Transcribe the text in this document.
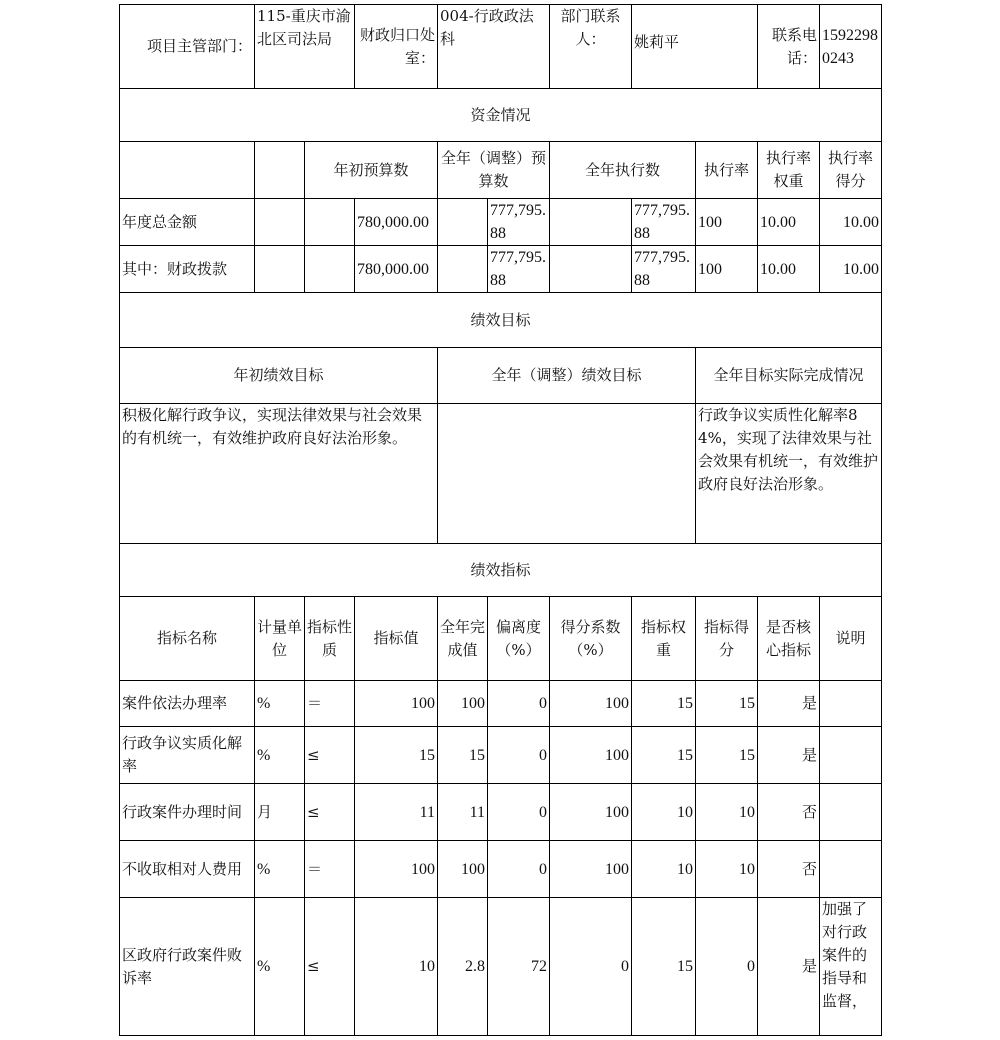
项目主管部门：	115-重庆市渝北区司法局		财政归口处室：	004-行政政法科		部门联系人：	姚莉平		联系电话：	15922980243
资金情况										
		年初预算数		全年（调整）预算数		全年执行数		执行率	执行率权重	执行率得分
年度总金额			780,000.00		777,795.88		777,795.88	100	10.00	10.00
其中：财政拨款			780,000.00		777,795.88		777,795.88	100	10.00	10.00
绩效目标										
年初绩效目标				全年（调整）绩效目标				全年目标实际完成情况		
积极化解行政争议，实现法律效果与社会效果的有机统一，有效维护政府良好法治形象。								行政争议实质性化解率84%，实现了法律效果与社会效果有机统一，有效维护政府良好法治形象。		
绩效指标										
指标名称	计量单位	指标性质	指标值	全年完成值	偏离度（%）	得分系数（%）	指标权重	指标得分	是否核心指标	说明
案件依法办理率	%	＝	100	100	0	100	15	15	是	
行政争议实质化解率	%	≤	15	15	0	100	15	15	是	
行政案件办理时间	月	≤	11	11	0	100	10	10	否	
不收取相对人费用	%	＝	100	100	0	100	10	10	否	
区政府行政案件败诉率	%	≤	10	2.8	72	0	15	0	是	加强了对行政案件的指导和监督，
